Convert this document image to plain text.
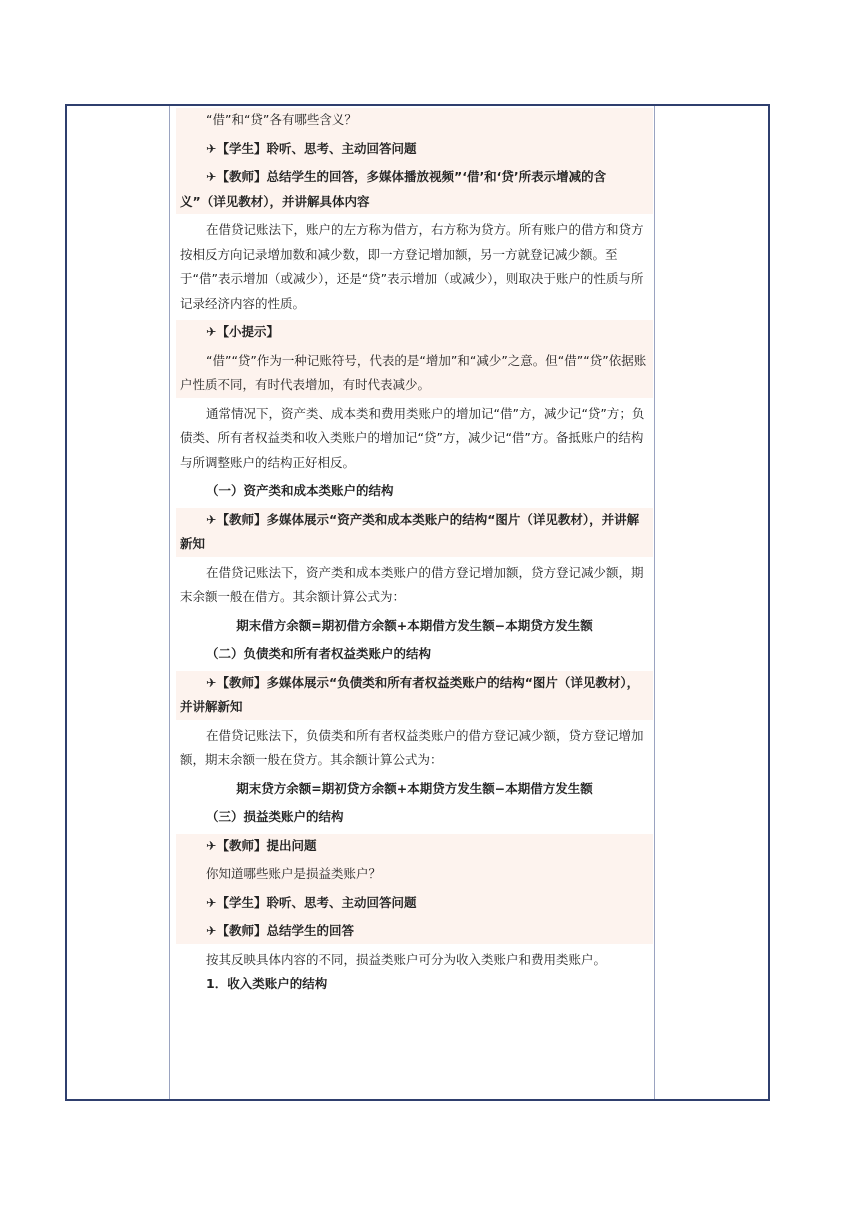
“借”和“贷”各有哪些含义？

✈【学生】聆听、思考、主动回答问题

✈【教师】总结学生的回答，多媒体播放视频”‘借’和‘贷’所表示增减的含义”（详见教材），并讲解具体内容

在借贷记账法下，账户的左方称为借方，右方称为贷方。所有账户的借方和贷方按相反方向记录增加数和减少数，即一方登记增加额，另一方就登记减少额。至于“借”表示增加（或减少），还是“贷”表示增加（或减少），则取决于账户的性质与所记录经济内容的性质。

✈【小提示】

“借”“贷”作为一种记账符号，代表的是“增加”和“减少”之意。但“借”“贷”依据账户性质不同，有时代表增加，有时代表减少。

通常情况下，资产类、成本类和费用类账户的增加记“借”方，减少记“贷”方；负债类、所有者权益类和收入类账户的增加记“贷”方，减少记“借”方。备抵账户的结构与所调整账户的结构正好相反。

（一）资产类和成本类账户的结构

✈【教师】多媒体展示“资产类和成本类账户的结构“图片（详见教材），并讲解新知

在借贷记账法下，资产类和成本类账户的借方登记增加额，贷方登记减少额，期末余额一般在借方。其余额计算公式为：

期末借方余额=期初借方余额+本期借方发生额−本期贷方发生额

（二）负债类和所有者权益类账户的结构

✈【教师】多媒体展示“负债类和所有者权益类账户的结构“图片（详见教材），并讲解新知

在借贷记账法下，负债类和所有者权益类账户的借方登记减少额，贷方登记增加额，期末余额一般在贷方。其余额计算公式为：

期末贷方余额=期初贷方余额+本期贷方发生额−本期借方发生额

（三）损益类账户的结构

✈【教师】提出问题

你知道哪些账户是损益类账户？

✈【学生】聆听、思考、主动回答问题

✈【教师】总结学生的回答

按其反映具体内容的不同，损益类账户可分为收入类账户和费用类账户。

1．收入类账户的结构
